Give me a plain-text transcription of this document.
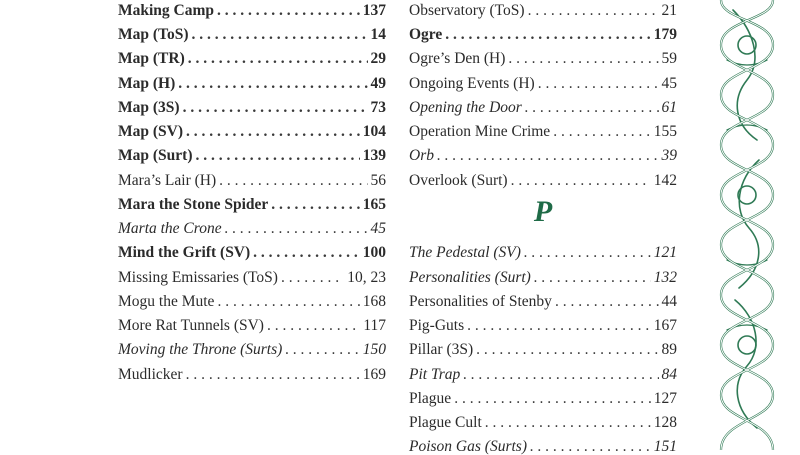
Making Camp . . .	137
Map (ToS) . . .	14
Map (TR) . . .	29
Map (H) . . .	49
Map (3S) . . .	73
Map (SV) . . .	104
Map (Surt) . . .	139
Mara’s Lair (H) . . .	56
Mara the Stone Spider . . .	165
Marta the Crone . . .	45
Mind the Grift (SV) . . .	100
Missing Emissaries (ToS) . . .	10, 23
Mogu the Mute . . .	168
More Rat Tunnels (SV) . . .	117
Moving the Throne (Surts) . . .	150
Mudlicker . . .	169
Observatory (ToS) . . .	21
Ogre . . .	179
Ogre’s Den (H) . . .	59
Ongoing Events (H) . . .	45
Opening the Door . . .	61
Operation Mine Crime . . .	155
Orb . . .	39
Overlook (Surt) . . .	142
P
The Pedestal (SV) . . .	121
Personalities (Surt) . . .	132
Personalities of Stenby . . .	44
Pig-Guts . . .	167
Pillar (3S) . . .	89
Pit Trap . . .	84
Plague . . .	127
Plague Cult . . .	128
Poison Gas (Surts) . . .	151
